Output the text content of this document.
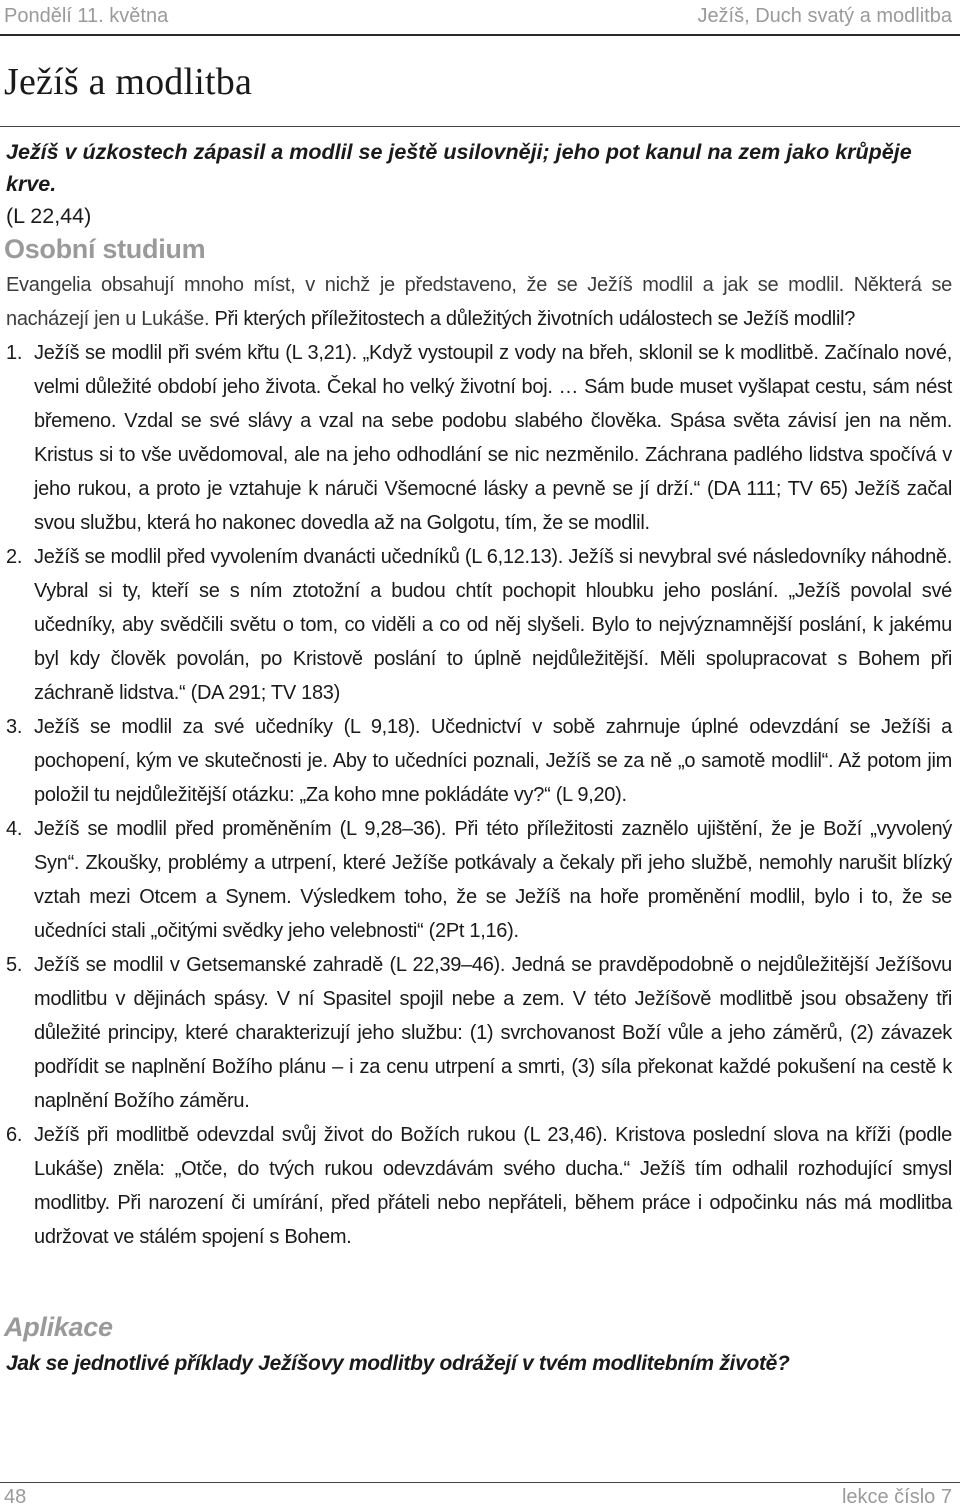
Pondělí 11. května	Ježíš, Duch svatý a modlitba
Ježíš a modlitba
Ježíš v úzkostech zápasil a modlil se ještě usilovněji; jeho pot kanul na zem jako krůpěje krve.
(L 22,44)
Osobní studium

Evangelia obsahují mnoho míst, v nichž je představeno, že se Ježíš modlil a jak se modlil. Některá se nacházejí jen u Lukáše. Při kterých příležitostech a důležitých životních událostech se Ježíš modlil?

1. Ježíš se modlil při svém křtu (L 3,21). „Když vystoupil z vody na břeh, sklonil se k modlitbě. Začínalo nové, velmi důležité období jeho života. Čekal ho velký životní boj. … Sám bude muset vyšlapat cestu, sám nést břemeno. Vzdal se své slávy a vzal na sebe podobu slabého člověka. Spása světa závisí jen na něm. Kristus si to vše uvědomoval, ale na jeho odhodlání se nic nezměnilo. Záchrana padlého lidstva spočívá v jeho rukou, a proto je vztahuje k náruči Všemocné lásky a pevně se jí drží.“ (DA 111; TV 65) Ježíš začal svou službu, která ho nakonec dovedla až na Golgotu, tím, že se modlil.
2. Ježíš se modlil před vyvolením dvanácti učedníků (L 6,12.13). Ježíš si nevybral své následovníky náhodně. Vybral si ty, kteří se s ním ztotožní a budou chtít pochopit hloubku jeho poslání. „Ježíš povolal své učedníky, aby svědčili světu o tom, co viděli a co od něj slyšeli. Bylo to nejvýznamnější poslání, k jakému byl kdy člověk povolán, po Kristově poslání to úplně nejdůležitější. Měli spolupracovat s Bohem při záchraně lidstva.“ (DA 291; TV 183)
3. Ježíš se modlil za své učedníky (L 9,18). Učednictví v sobě zahrnuje úplné odevzdání se Ježíši a pochopení, kým ve skutečnosti je. Aby to učedníci poznali, Ježíš se za ně „o samotě modlil“. Až potom jim položil tu nejdůležitější otázku: „Za koho mne pokládáte vy?“ (L 9,20).
4. Ježíš se modlil před proměněním (L 9,28–36). Při této příležitosti zaznělo ujištění, že je Boží „vyvolený Syn“. Zkoušky, problémy a utrpení, které Ježíše potkávaly a čekaly při jeho službě, nemohly narušit blízký vztah mezi Otcem a Synem. Výsledkem toho, že se Ježíš na hoře proměnění modlil, bylo i to, že se učedníci stali „očitými svědky jeho velebnosti“ (2Pt 1,16).
5. Ježíš se modlil v Getsemanské zahradě (L 22,39–46). Jedná se pravděpodobně o nejdůležitější Ježíšovu modlitbu v dějinách spásy. V ní Spasitel spojil nebe a zem. V této Ježíšově modlitbě jsou obsaženy tři důležité principy, které charakterizují jeho službu: (1) svrchovanost Boží vůle a jeho záměrů, (2) závazek podřídit se naplnění Božího plánu – i za cenu utrpení a smrti, (3) síla překonat každé pokušení na cestě k naplnění Božího záměru.
6. Ježíš při modlitbě odevzdal svůj život do Božích rukou (L 23,46). Kristova poslední slova na kříži (podle Lukáše) zněla: „Otče, do tvých rukou odevzdávám svého ducha.“ Ježíš tím odhalil rozhodující smysl modlitby. Při narození či umírání, před přáteli nebo nepřáteli, během práce i odpočinku nás má modlitba udržovat ve stálém spojení s Bohem.
Aplikace

Jak se jednotlivé příklady Ježíšovy modlitby odrážejí v tvém modlitebním životě?

48	lekce číslo 7
